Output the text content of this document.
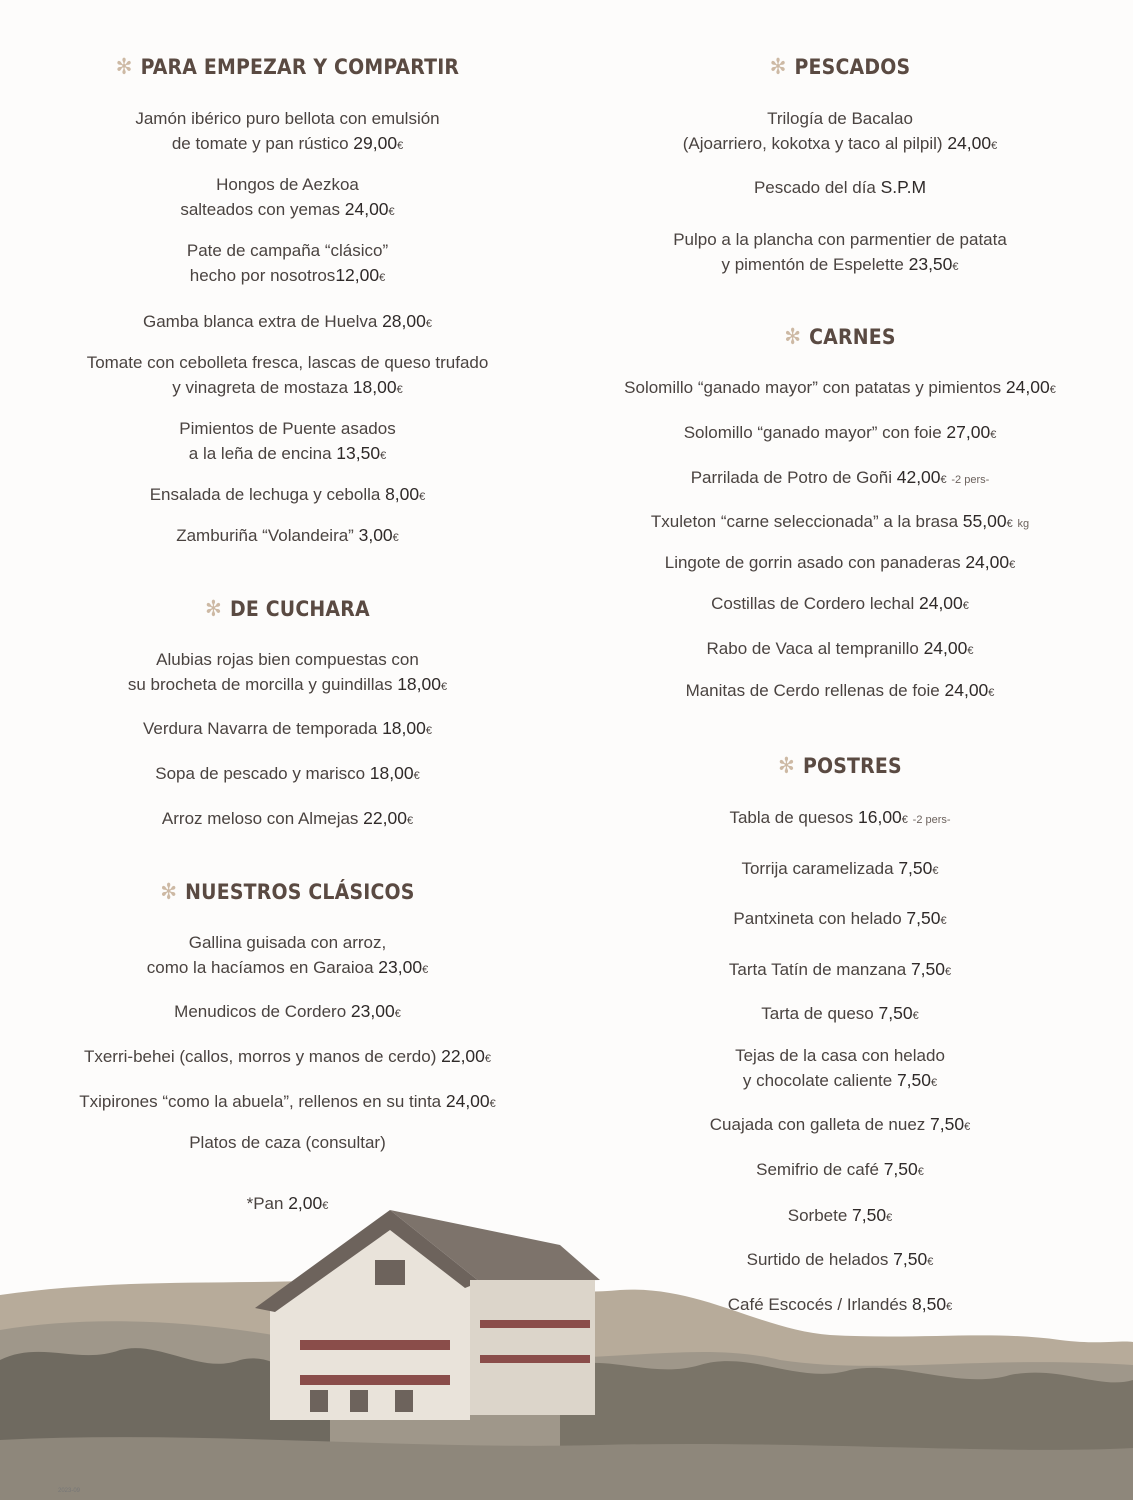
✻ PARA EMPEZAR Y COMPARTIR
Jamón ibérico puro bellota con emulsión
de tomate y pan rústico 29,00€
Hongos de Aezkoa
salteados con yemas 24,00€
Pate de campaña “clásico”
hecho por nosotros12,00€
Gamba blanca extra de Huelva 28,00€
Tomate con cebolleta fresca, lascas de queso trufado
y vinagreta de mostaza 18,00€
Pimientos de Puente asados
a la leña de encina 13,50€
Ensalada de lechuga y cebolla 8,00€
Zamburiña “Volandeira” 3,00€
✻ DE CUCHARA
Alubias rojas bien compuestas con
su brocheta de morcilla y guindillas 18,00€
Verdura Navarra de temporada 18,00€
Sopa de pescado y marisco 18,00€
Arroz meloso con Almejas 22,00€
✻ NUESTROS CLÁSICOS
Gallina guisada con arroz,
como la hacíamos en Garaioa 23,00€
Menudicos de Cordero 23,00€
Txerri-behei (callos, morros y manos de cerdo) 22,00€
Txipirones “como la abuela”, rellenos en su tinta 24,00€
Platos de caza (consultar)
*Pan 2,00€
✻ PESCADOS
Trilogía de Bacalao
(Ajoarriero, kokotxa y taco al pilpil) 24,00€
Pescado del día S.P.M
Pulpo a la plancha con parmentier de patata
y pimentón de Espelette 23,50€
✻ CARNES
Solomillo “ganado mayor” con patatas y pimientos 24,00€
Solomillo “ganado mayor” con foie 27,00€
Parrilada de Potro de Goñi 42,00€ -2 pers-
Txuleton “carne seleccionada” a la brasa 55,00€ kg
Lingote de gorrin asado con panaderas 24,00€
Costillas de Cordero lechal 24,00€
Rabo de Vaca al tempranillo 24,00€
Manitas de Cerdo rellenas de foie 24,00€
✻ POSTRES
Tabla de quesos 16,00€ -2 pers-
Torrija caramelizada 7,50€
Pantxineta con helado 7,50€
Tarta Tatín de manzana 7,50€
Tarta de queso 7,50€
Tejas de la casa con helado
y chocolate caliente 7,50€
Cuajada con galleta de nuez 7,50€
Semifrio de café 7,50€
Sorbete 7,50€
Surtido de helados 7,50€
Café Escocés / Irlandés 8,50€
2023-09
